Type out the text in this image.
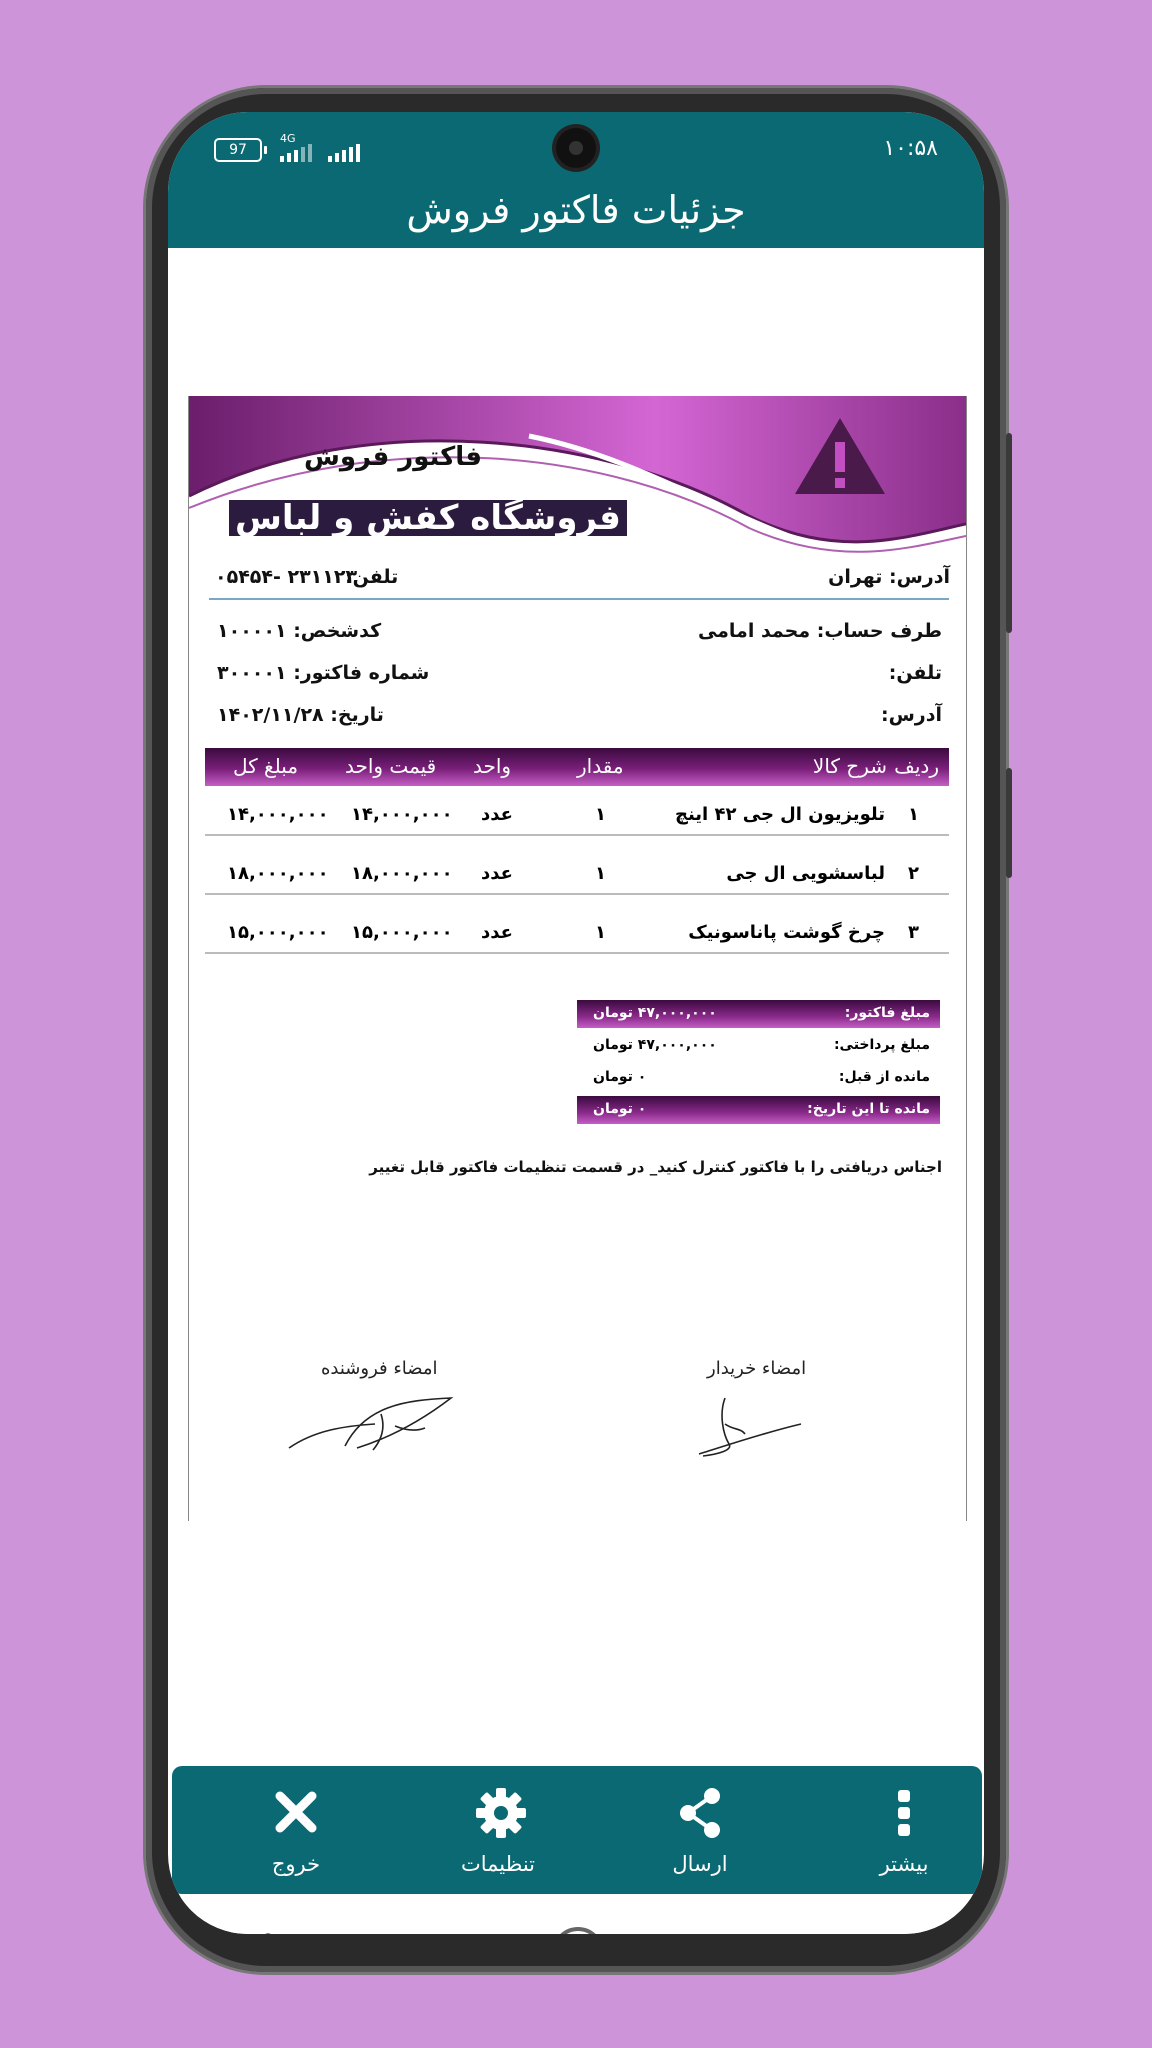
97
4G	۱۰:۵۸
جزئیات فاکتور فروش
فاکتور فروش
فروشگاه کفش و لباس
آدرس: تهران
تلفن:
۰۵۴۵۴- ۲۳۱۱۲۳
طرف حساب: محمد امامی
تلفن:
آدرس:
کدشخص: ۱۰۰۰۰۱
شماره فاکتور: ۳۰۰۰۰۱
تاریخ: ۱۴۰۲/۱۱/۲۸
ردیف
شرح کالا
مقدار
واحد
قیمت واحد
مبلغ کل
۱
تلویزیون ال جی ۴۲ اینچ
۱
عدد
۱۴,۰۰۰,۰۰۰
۱۴,۰۰۰,۰۰۰
۲
لباسشویی ال جی
۱
عدد
۱۸,۰۰۰,۰۰۰
۱۸,۰۰۰,۰۰۰
۳
چرخ گوشت پاناسونیک
۱
عدد
۱۵,۰۰۰,۰۰۰
۱۵,۰۰۰,۰۰۰
مبلغ فاکتور:
۴۷,۰۰۰,۰۰۰ تومان
مبلغ پرداختی:
۴۷,۰۰۰,۰۰۰ تومان
مانده از قبل:
۰ تومان
مانده تا این تاریخ:
۰ تومان
اجناس دریافتی را با فاکتور کنترل کنید_ در قسمت تنظیمات فاکتور قابل تغییر
امضاء خریدار
امضاء فروشنده
بیشتر
ارسال
تنظیمات
خروج
